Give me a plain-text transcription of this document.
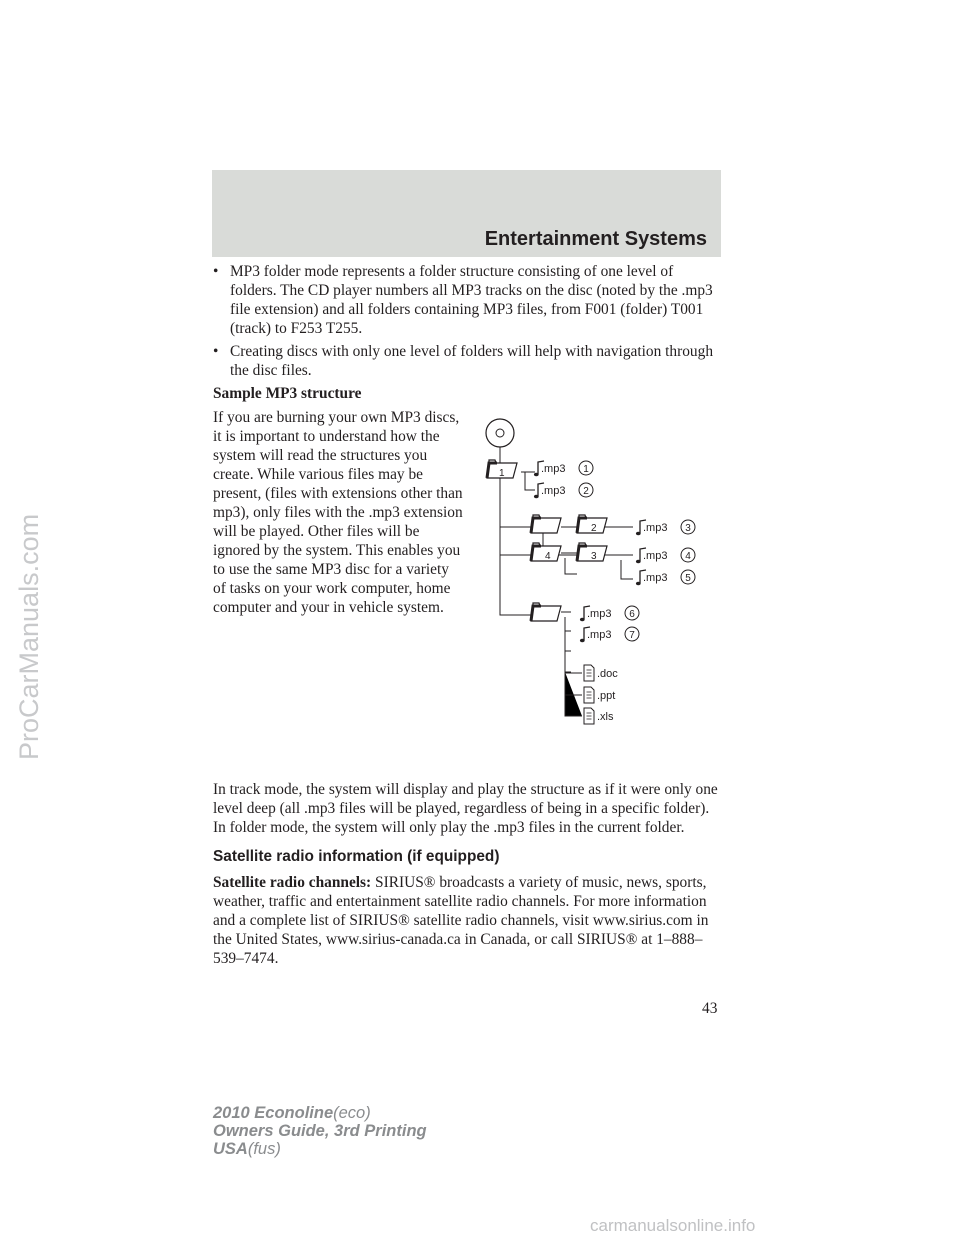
Entertainment Systems
• MP3 folder mode represents a folder structure consisting of one level of folders. The CD player numbers all MP3 tracks on the disc (noted by the .mp3 file extension) and all folders containing MP3 files, from F001 (folder) T001 (track) to F253 T255.
• Creating discs with only one level of folders will help with navigation through the disc files.

Sample MP3 structure

If you are burning your own MP3 discs, it is important to understand how the system will read the structures you create. While various files may be present, (files with extensions other than mp3), only files with the .mp3 extension will be played. Other files will be ignored by the system. This enables you to use the same MP3 disc for a variety of tasks on your work computer, home computer and your in vehicle system.

1
2
3
4
.mp3 1
.mp3 2
.mp3 3
.mp3 4
.mp3 5
.mp3 6
.mp3 7
.doc
.ppt
.xls

In track mode, the system will display and play the structure as if it were only one level deep (all .mp3 files will be played, regardless of being in a specific folder). In folder mode, the system will only play the .mp3 files in the current folder.

Satellite radio information (if equipped)

Satellite radio channels: SIRIUS® broadcasts a variety of music, news, sports, weather, traffic and entertainment satellite radio channels. For more information and a complete list of SIRIUS® satellite radio channels, visit www.sirius.com in the United States, www.sirius-canada.ca in Canada, or call SIRIUS® at 1–888–539–7474.

43
2010 Econoline(eco)
Owners Guide, 3rd Printing
USA(fus)
ProCarManuals.com
carmanualsonline.info
